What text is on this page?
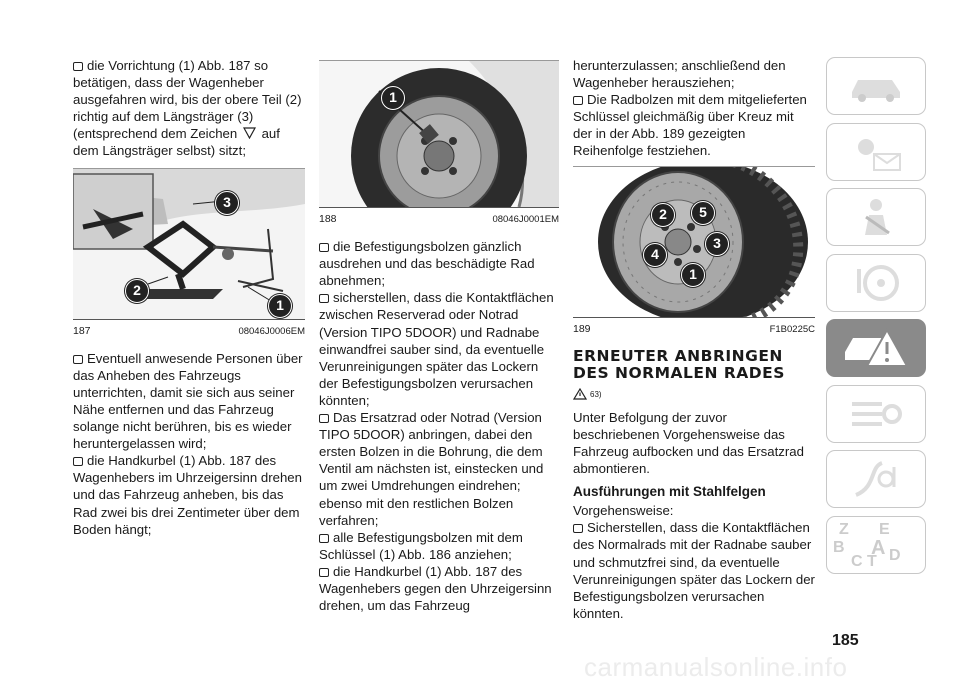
die Vorrichtung (1) Abb. 187 so betätigen, dass der Wagenheber ausgefahren wird, bis der obere Teil (2) richtig auf dem Längsträger (3) (entsprechend dem Zeichen auf dem Längsträger selbst) sitzt;

3
2
1
187	08046J0006EM

Eventuell anwesende Personen über das Anheben des Fahrzeugs unterrichten, damit sie sich aus seiner Nähe entfernen und das Fahrzeug solange nicht berühren, bis es wieder heruntergelassen wird;

die Handkurbel (1) Abb. 187 des Wagenhebers im Uhrzeigersinn drehen und das Fahrzeug anheben, bis das Rad zwei bis drei Zentimeter über dem Boden hängt;

1
188	08046J0001EM

die Befestigungsbolzen gänzlich ausdrehen und das beschädigte Rad abnehmen;

sicherstellen, dass die Kontaktflächen zwischen Reserverad oder Notrad (Version TIPO 5DOOR) und Radnabe einwandfrei sauber sind, da eventuelle Verunreinigungen später das Lockern der Befestigungsbolzen verursachen könnten;

Das Ersatzrad oder Notrad (Version TIPO 5DOOR) anbringen, dabei den ersten Bolzen in die Bohrung, die dem Ventil am nächsten ist, einstecken und um zwei Umdrehungen eindrehen; ebenso mit den restlichen Bolzen verfahren;

alle Befestigungsbolzen mit dem Schlüssel (1) Abb. 186 anziehen;

die Handkurbel (1) Abb. 187 des Wagenhebers gegen den Uhrzeigersinn drehen, um das Fahrzeug

herunterzulassen; anschließend den Wagenheber herausziehen;

Die Radbolzen mit dem mitgelieferten Schlüssel gleichmäßig über Kreuz mit der in der Abb. 189 gezeigten Reihenfolge festziehen.

2	5
3
4
1
189	F1B0225C
ERNEUTER ANBRINGEN DES NORMALEN RADES
63)

Unter Befolgung der zuvor beschriebenen Vorgehensweise das Fahrzeug aufbocken und das Ersatzrad abmontieren.

Ausführungen mit Stahlfelgen

Vorgehensweise:

Sicherstellen, dass die Kontaktflächen des Normalrads mit der Radnabe sauber und schmutzfrei sind, da eventuelle Verunreinigungen später das Lockern der Befestigungsbolzen verursachen könnten.

Z E
B A
C T D
185
carmanualsonline.info
